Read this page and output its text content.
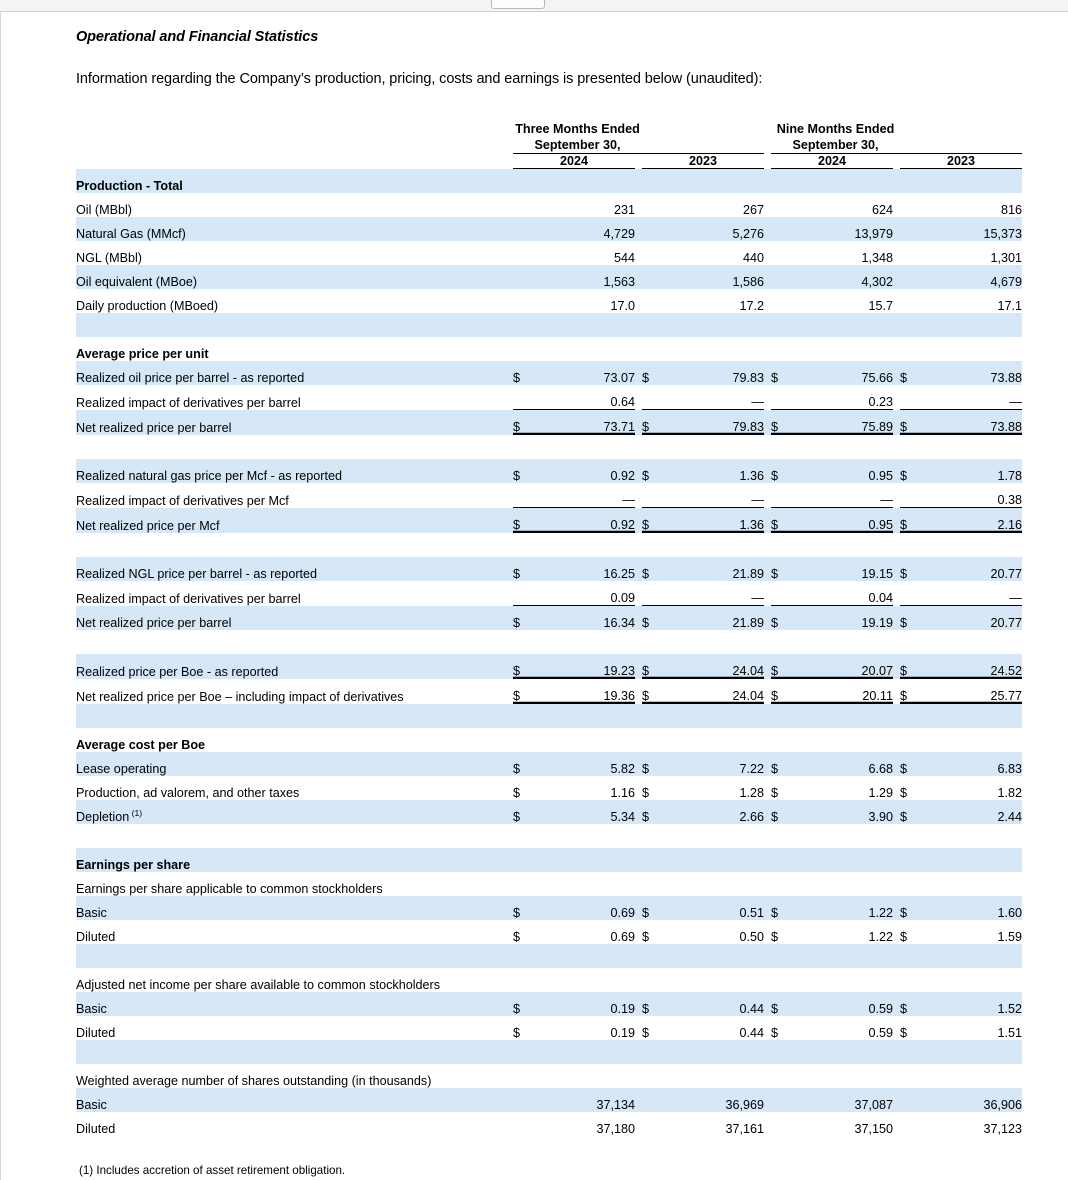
Operational and Financial Statistics
Information regarding the Company’s production, pricing, costs and earnings is presented below (unaudited):
	Three Months Ended September 30,						Nine Months Ended September 30,				
	2024			2023			2024			2023	
Production - Total											
Oil (MBbl)		231			267			624			816
Natural Gas (MMcf)		4,729			5,276			13,979			15,373
NGL (MBbl)		544			440			1,348			1,301
Oil equivalent (MBoe)		1,563			1,586			4,302			4,679
Daily production (MBoed)		17.0			17.2			15.7			17.1

Average price per unit											
Realized oil price per barrel - as reported	$	73.07		$	79.83		$	75.66		$	73.88
Realized impact of derivatives per barrel		0.64			—			0.23			—
Net realized price per barrel	$	73.71		$	79.83		$	75.89		$	73.88

Realized natural gas price per Mcf - as reported	$	0.92		$	1.36		$	0.95		$	1.78
Realized impact of derivatives per Mcf		—			—			—			0.38
Net realized price per Mcf	$	0.92		$	1.36		$	0.95		$	2.16

Realized NGL price per barrel - as reported	$	16.25		$	21.89		$	19.15		$	20.77
Realized impact of derivatives per barrel		0.09			—			0.04			—
Net realized price per barrel	$	16.34		$	21.89		$	19.19		$	20.77

Realized price per Boe - as reported	$	19.23		$	24.04		$	20.07		$	24.52
Net realized price per Boe – including impact of derivatives	$	19.36		$	24.04		$	20.11		$	25.77

Average cost per Boe											
Lease operating	$	5.82		$	7.22		$	6.68		$	6.83
Production, ad valorem, and other taxes	$	1.16		$	1.28		$	1.29		$	1.82
Depletion $^{(1)}$	$	5.34		$	2.66		$	3.90		$	2.44

Earnings per share											
Earnings per share applicable to common stockholders											
Basic	$	0.69		$	0.51		$	1.22		$	1.60
Diluted	$	0.69		$	0.50		$	1.22		$	1.59

Adjusted net income per share available to common stockholders											
Basic	$	0.19		$	0.44		$	0.59		$	1.52
Diluted	$	0.19		$	0.44		$	0.59		$	1.51

Weighted average number of shares outstanding (in thousands)											
Basic		37,134			36,969			37,087			36,906
Diluted		37,180			37,161			37,150			37,123
(1) Includes accretion of asset retirement obligation.
